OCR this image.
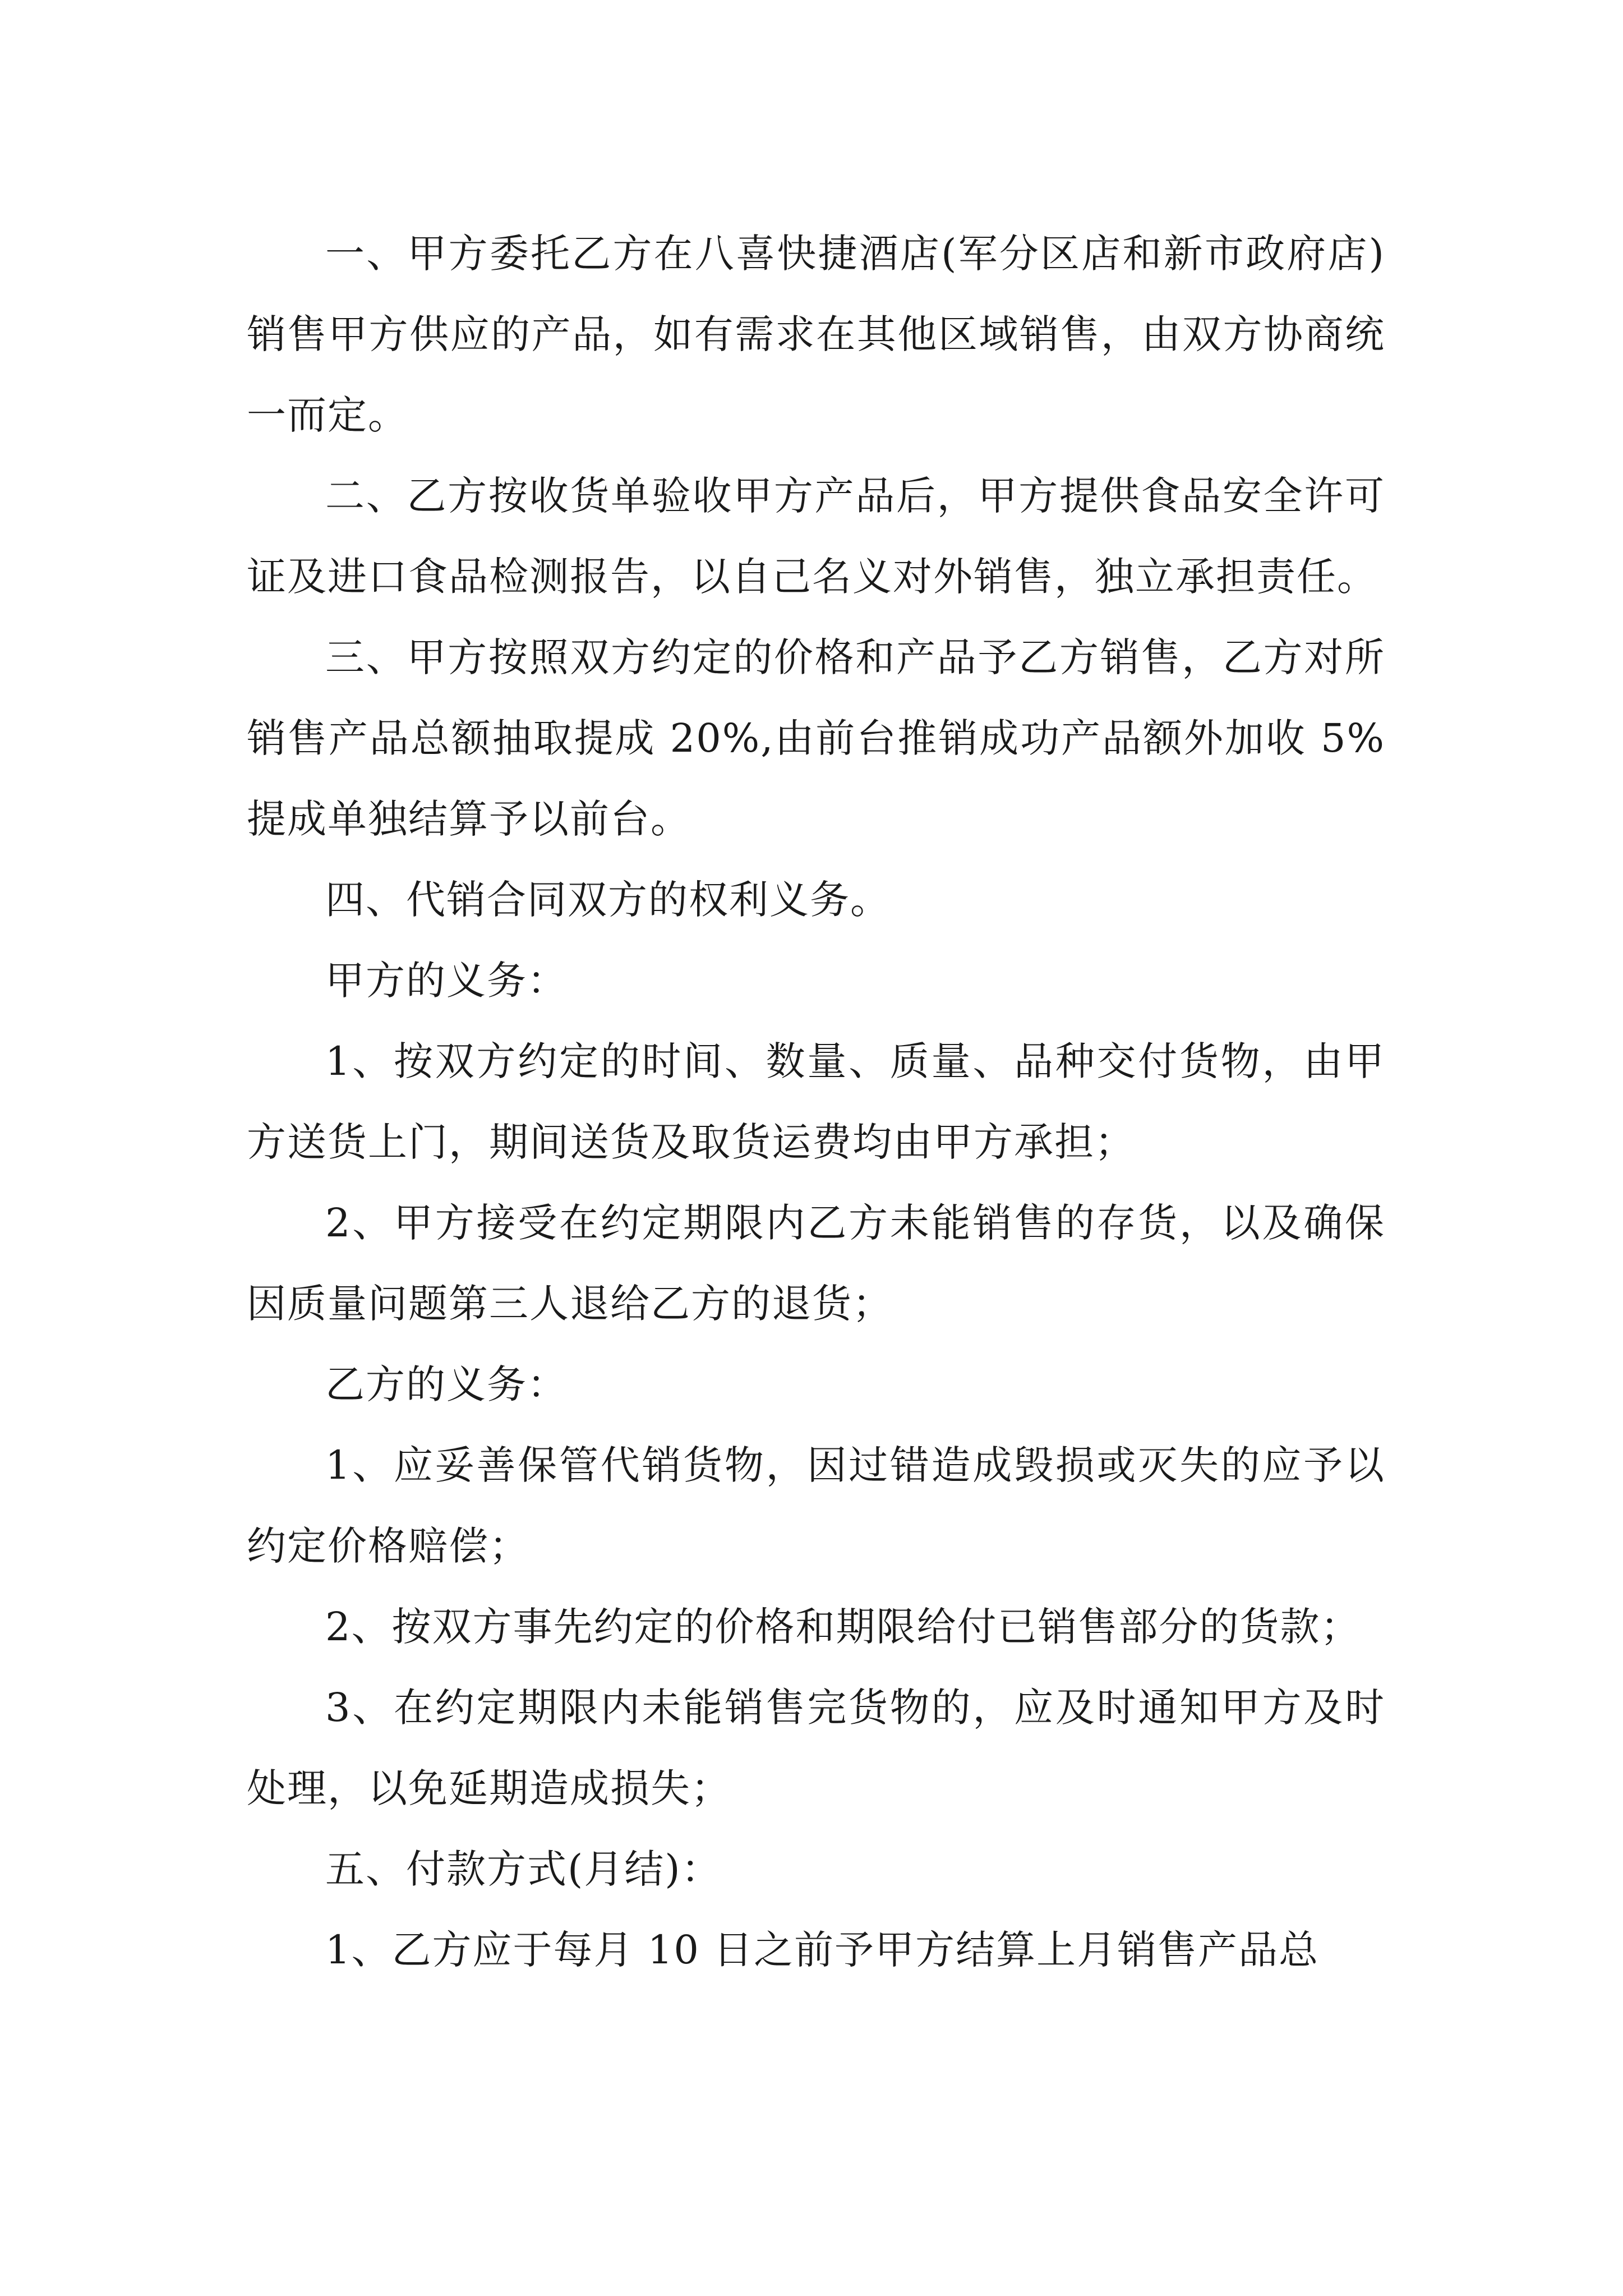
一、甲方委托乙方在八喜快捷酒店(军分区店和新市政府店)销售甲方供应的产品，如有需求在其他区域销售，由双方协商统一而定。

二、乙方按收货单验收甲方产品后，甲方提供食品安全许可证及进口食品检测报告，以自己名义对外销售，独立承担责任。

三、甲方按照双方约定的价格和产品予乙方销售，乙方对所销售产品总额抽取提成 20%,由前台推销成功产品额外加收 5%提成单独结算予以前台。

四、代销合同双方的权利义务。

甲方的义务：

1、按双方约定的时间、数量、质量、品种交付货物，由甲方送货上门，期间送货及取货运费均由甲方承担；

2、甲方接受在约定期限内乙方未能销售的存货，以及确保因质量问题第三人退给乙方的退货；

乙方的义务：

1、应妥善保管代销货物，因过错造成毁损或灭失的应予以约定价格赔偿；

2、按双方事先约定的价格和期限给付已销售部分的货款；

3、在约定期限内未能销售完货物的，应及时通知甲方及时处理，以免延期造成损失；

五、付款方式(月结)：

1、乙方应于每月 10 日之前予甲方结算上月销售产品总
